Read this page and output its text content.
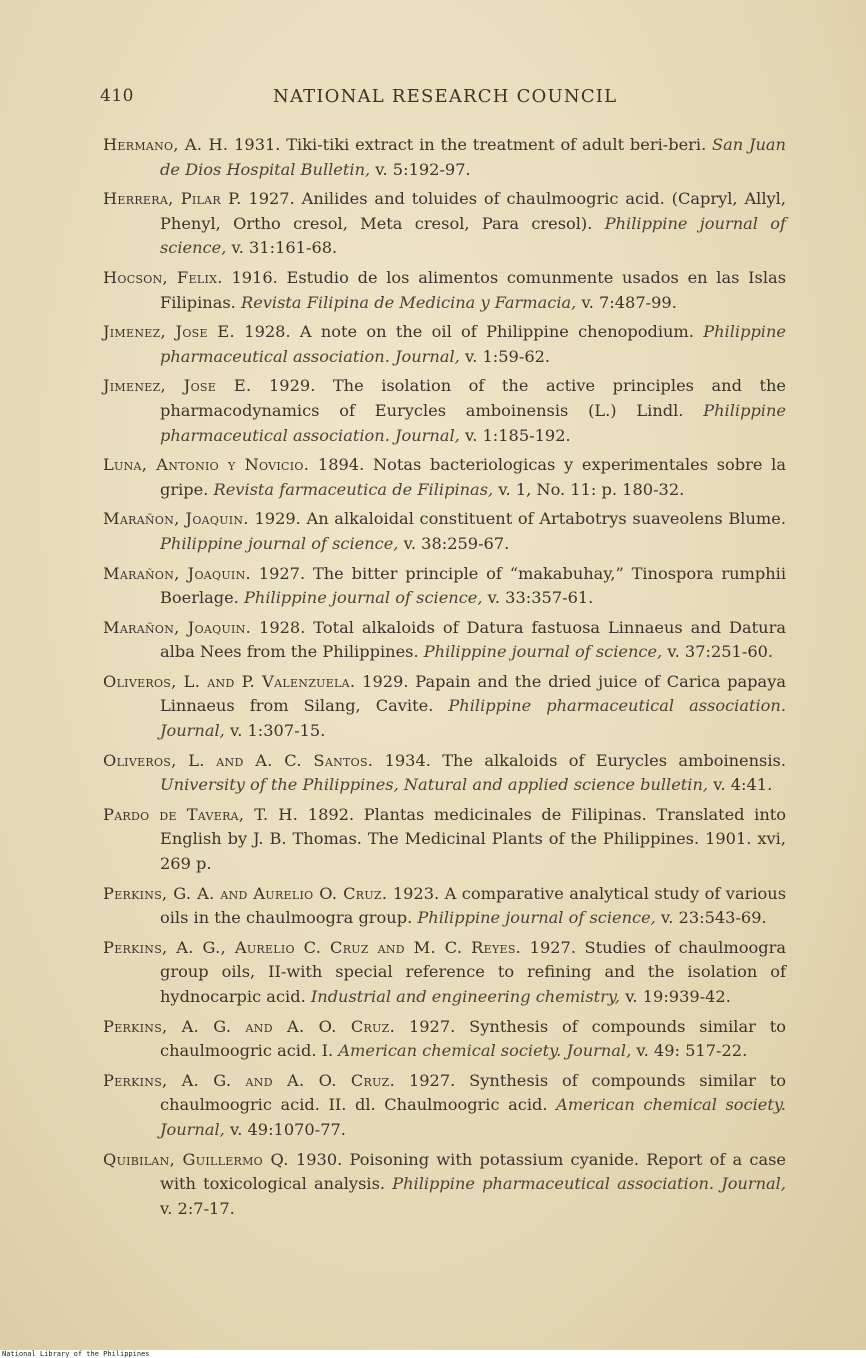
410	NATIONAL RESEARCH COUNCIL

Hermano, A. H. 1931. Tiki-tiki extract in the treatment of adult beri-beri. San Juan de Dios Hospital Bulletin, v. 5:192-97.

Herrera, Pilar P. 1927. Anilides and toluides of chaulmoogric acid. (Capryl, Allyl, Phenyl, Ortho cresol, Meta cresol, Para cresol). Philippine journal of science, v. 31:161-68.

Hocson, Felix. 1916. Estudio de los alimentos comunmente usados en las Islas Filipinas. Revista Filipina de Medicina y Farmacia, v. 7:487-99.

Jimenez, Jose E. 1928. A note on the oil of Philippine chenopodium. Philippine pharmaceutical association. Journal, v. 1:59-62.

Jimenez, Jose E. 1929. The isolation of the active principles and the pharmacodynamics of Eurycles amboinensis (L.) Lindl. Philippine pharmaceutical association. Journal, v. 1:185-192.

Luna, Antonio y Novicio. 1894. Notas bacteriologicas y experimentales sobre la gripe. Revista farmaceutica de Filipinas, v. 1, No. 11: p. 180-32.

Marañon, Joaquin. 1929. An alkaloidal constituent of Artabotrys suaveolens Blume. Philippine journal of science, v. 38:259-67.

Marañon, Joaquin. 1927. The bitter principle of “makabuhay,” Tinospora rumphii Boerlage. Philippine journal of science, v. 33:357-61.

Marañon, Joaquin. 1928. Total alkaloids of Datura fastuosa Linnaeus and Datura alba Nees from the Philippines. Philippine journal of science, v. 37:251-60.

Oliveros, L. and P. Valenzuela. 1929. Papain and the dried juice of Carica papaya Linnaeus from Silang, Cavite. Philippine pharmaceutical association. Journal, v. 1:307-15.

Oliveros, L. and A. C. Santos. 1934. The alkaloids of Eurycles amboinensis. University of the Philippines, Natural and applied science bulletin, v. 4:41.

Pardo de Tavera, T. H. 1892. Plantas medicinales de Filipinas. Translated into English by J. B. Thomas. The Medicinal Plants of the Philippines. 1901. xvi, 269 p.

Perkins, G. A. and Aurelio O. Cruz. 1923. A comparative analytical study of various oils in the chaulmoogra group. Philippine journal of science, v. 23:543-69.

Perkins, A. G., Aurelio C. Cruz and M. C. Reyes. 1927. Studies of chaulmoogra group oils, II-with special reference to refining and the isolation of hydnocarpic acid. Industrial and engineering chemistry, v. 19:939-42.

Perkins, A. G. and A. O. Cruz. 1927. Synthesis of compounds similar to chaulmoogric acid. I. American chemical society. Journal, v. 49: 517-22.

Perkins, A. G. and A. O. Cruz. 1927. Synthesis of compounds similar to chaulmoogric acid. II. dl. Chaulmoogric acid. American chemical society. Journal, v. 49:1070-77.

Quibilan, Guillermo Q. 1930. Poisoning with potassium cyanide. Report of a case with toxicological analysis. Philippine pharmaceutical association. Journal, v. 2:7-17.

National Library of the Philippines
